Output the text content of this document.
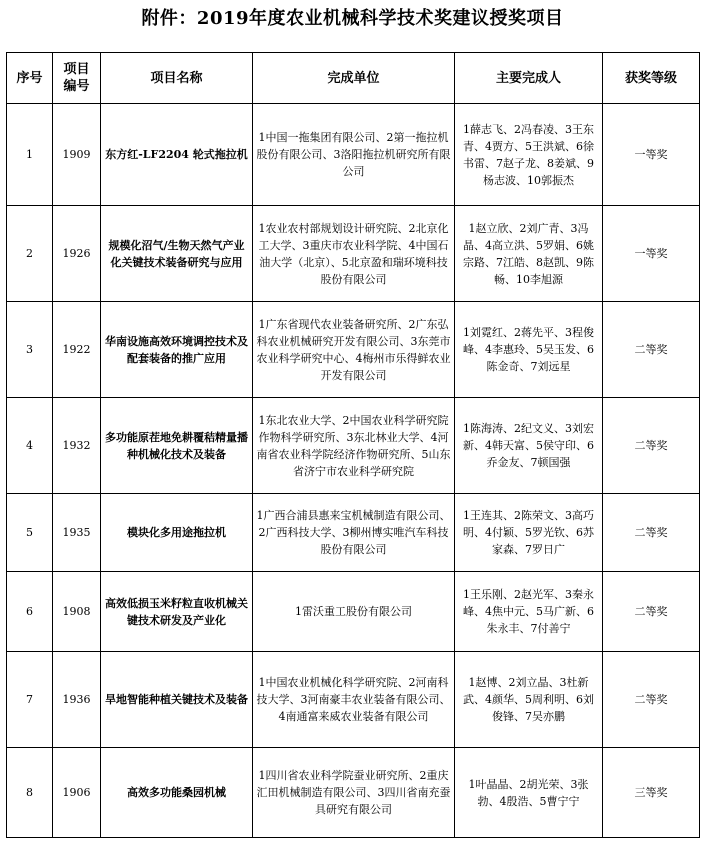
附件：2019年度农业机械科学技术奖建议授奖项目
序号	项目编号	项目名称	完成单位	主要完成人	获奖等级
1	1909	东方红-LF2204 轮式拖拉机	1中国一拖集团有限公司、2第一拖拉机股份有限公司、3洛阳拖拉机研究所有限公司	1薛志飞、2冯春凌、3王东青、4贾方、5王洪斌、6徐书雷、7赵子龙、8姜斌、9杨志波、10郭振杰	一等奖
2	1926	规模化沼气/生物天然气产业化关键技术装备研究与应用	1农业农村部规划设计研究院、2北京化工大学、3重庆市农业科学院、4中国石油大学（北京）、5北京盈和瑞环境科技股份有限公司	1赵立欣、2刘广青、3冯晶、4高立洪、5罗娟、6姚宗路、7江皓、8赵凯、9陈畅、10李旭源	一等奖
3	1922	华南设施高效环境调控技术及配套装备的推广应用	1广东省现代农业装备研究所、2广东弘科农业机械研究开发有限公司、3东莞市农业科学研究中心、4梅州市乐得鲜农业开发有限公司	1刘霓红、2蒋先平、3程俊峰、4李惠玲、5吴玉发、6陈金奇、7刘远星	二等奖
4	1932	多功能原茬地免耕覆秸精量播种机械化技术及装备	1东北农业大学、2中国农业科学研究院作物科学研究所、3东北林业大学、4河南省农业科学院经济作物研究所、5山东省济宁市农业科学研究院	1陈海涛、2纪文义、3刘宏新、4韩天富、5侯守印、6乔金友、7顿国强	二等奖
5	1935	模块化多用途拖拉机	1广西合浦县惠来宝机械制造有限公司、2广西科技大学、3柳州博实唯汽车科技股份有限公司	1王连其、2陈荣文、3高巧明、4付颖、5罗光钦、6苏家森、7罗日广	二等奖
6	1908	高效低损玉米籽粒直收机械关键技术研发及产业化	1雷沃重工股份有限公司	1王乐刚、2赵光军、3秦永峰、4焦中元、5马广新、6朱永丰、7付善宁	二等奖
7	1936	旱地智能种植关键技术及装备	1中国农业机械化科学研究院、2河南科技大学、3河南豪丰农业装备有限公司、4南通富来威农业装备有限公司	1赵博、2刘立晶、3杜新武、4颜华、5周利明、6刘俊锋、7吴亦鹏	二等奖
8	1906	高效多功能桑园机械	1四川省农业科学院蚕业研究所、2重庆汇田机械制造有限公司、3四川省南充蚕具研究有限公司	1叶晶晶、2胡光荣、3张勃、4殷浩、5曹宁宁	三等奖
